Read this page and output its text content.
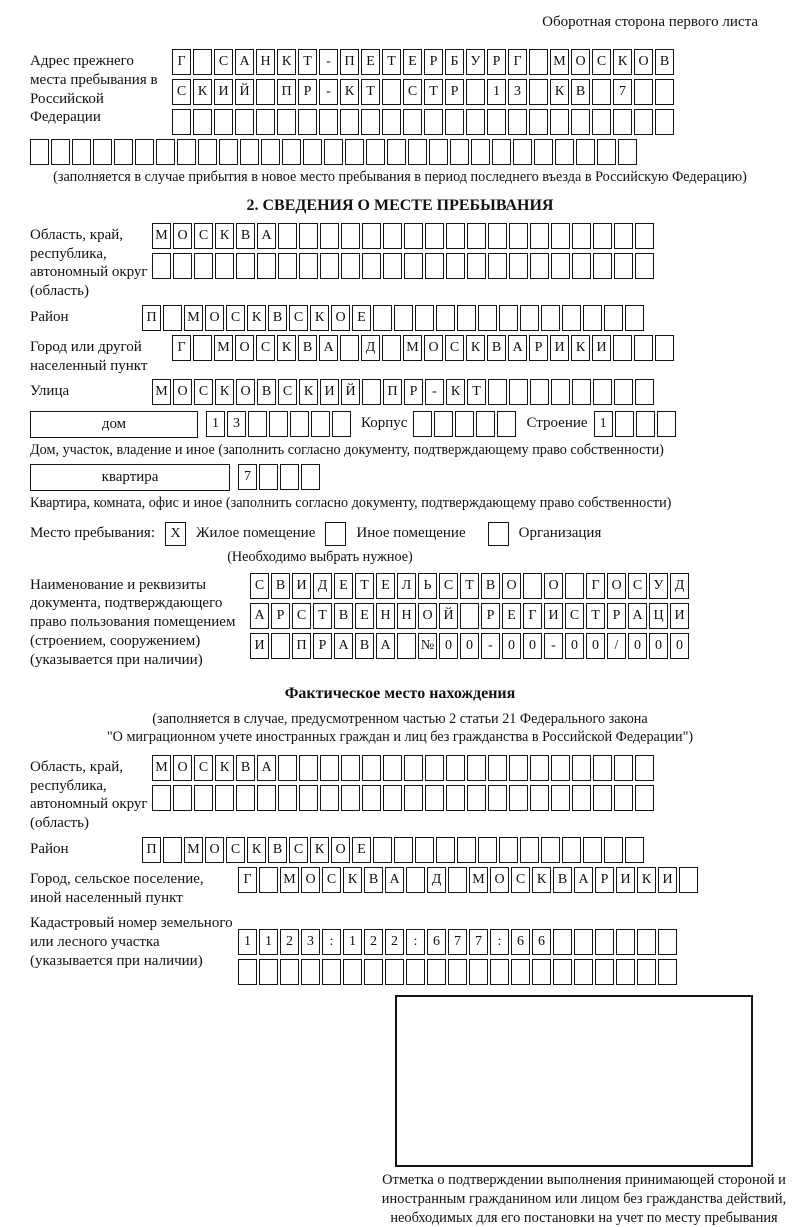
Оборотная сторона первого листа
Адрес прежнего места пребывания в Российской Федерации
Г	С А Н К Т	- П Е Т Е Р Б У Р Г	М О С К О В
С К И Й	П Р	-	К Т	С Т Р	1	3	К В	7
(заполняется в случае прибытия в новое место пребывания в период последнего въезда в Российскую Федерацию)
2. СВЕДЕНИЯ О МЕСТЕ ПРЕБЫВАНИЯ
Область, край, республика, автономный округ (область)
М О С К В А
Район	П	М О С К В С К О Е
Город или другой населенный пункт
Г	М О С К В А	Д	М О С К В А Р И К И
Улица	М О С К О В С К И Й	П Р	-	К Т
дом	1	3	Корпус	Строение 1
Дом, участок, владение и иное (заполнить согласно документу, подтверждающему право собственности)
квартира	7
Квартира, комната, офис и иное (заполнить согласно документу, подтверждающему право собственности)
Место пребывания:	X	Жилое помещение	Иное помещение	Организация
(Необходимо выбрать нужное)
Наименование и реквизиты документа, подтверждающего право пользования помещением (строением, сооружением) (указывается при наличии)
С В И Д Е Т Е Л Ь С Т В О	О	Г О С У Д
А Р С Т В Е Н Н О Й	Р Е Г И С Т Р А Ц И
И	П Р А В А	№ 0	0	-	0	0	-	0	0	/	0	0	0
Фактическое место нахождения
(заполняется в случае, предусмотренном частью 2 статьи 21 Федерального закона
"О миграционном учете иностранных граждан и лиц без гражданства в Российской Федерации")
Область, край, республика, автономный округ (область)
М О С К В А
Район	П	М О С К В С К О Е
Город, сельское поселение, иной населенный пункт
Г	М О С К В А	Д	М О С К В А Р И К И
Кадастровый номер земельного или лесного участка (указывается при наличии)
1	1	2	3	:	1	2	2	:	6	7	7	:	6	6
Отметка о подтверждении выполнения принимающей стороной и иностранным гражданином или лицом без гражданства действий, необходимых для его постановки на учет по месту пребывания
